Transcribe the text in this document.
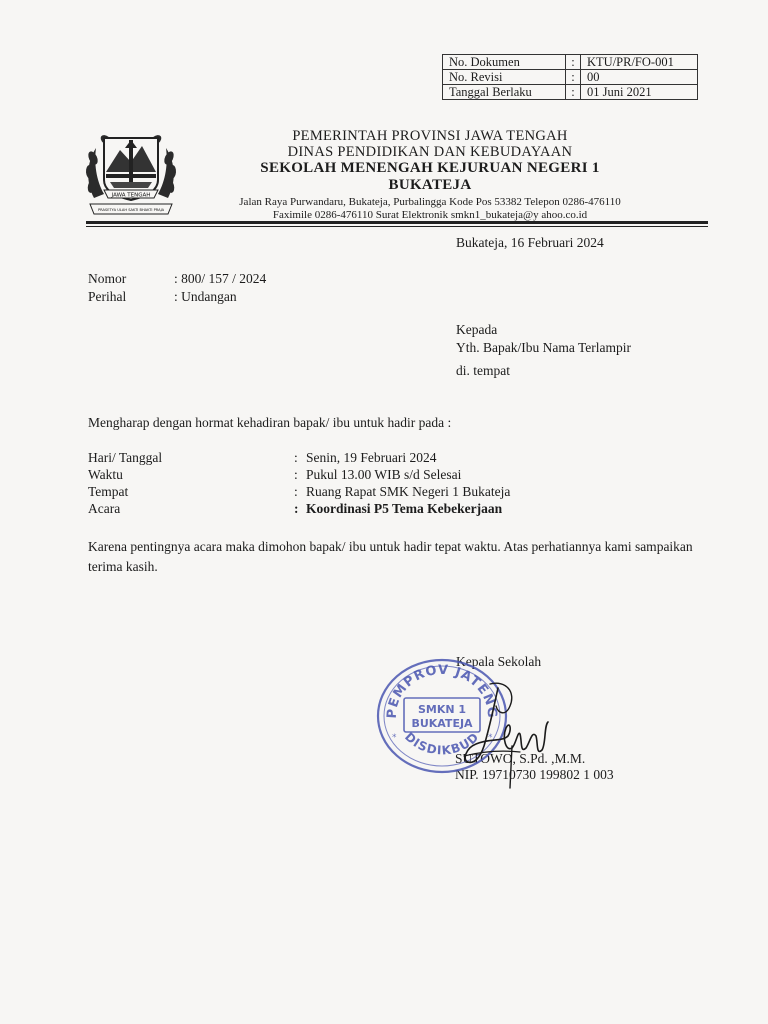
No. Dokumen	:	KTU/PR/FO-001
No. Revisi	:	00
Tanggal Berlaku	:	01 Juni 2021
JAWA TENGAH
PRASETYA ULAH SAKTI BHAKTI PRAJA
PEMERINTAH PROVINSI JAWA TENGAH
DINAS PENDIDIKAN DAN KEBUDAYAAN
SEKOLAH MENENGAH KEJURUAN NEGERI 1
BUKATEJA
Jalan Raya Purwandaru, Bukateja, Purbalingga Kode Pos 53382 Telepon 0286-476110
Faximile 0286-476110 Surat Elektronik smkn1_bukateja@y ahoo.co.id
Bukateja, 16 Februari 2024
Nomor	: 800/ 157 / 2024
Perihal	: Undangan
Kepada
Yth. Bapak/Ibu Nama Terlampir
di. tempat
Mengharap dengan hormat kehadiran bapak/ ibu untuk hadir pada :
Hari/ Tanggal	: Senin, 19 Februari 2024
Waktu	: Pukul 13.00 WIB s/d Selesai
Tempat	: Ruang Rapat SMK Negeri 1 Bukateja
Acara	: Koordinasi P5 Tema Kebekerjaan
Karena pentingnya acara maka dimohon bapak/ ibu untuk hadir tepat waktu. Atas perhatiannya kami sampaikan terima kasih.
Kepala Sekolah
SUTOWO, S.Pd. ,M.M.
NIP. 19710730 199802 1 003
PEMPROV JATENG
SMKN 1
BUKATEJA
DISDIKBUD
*	*
